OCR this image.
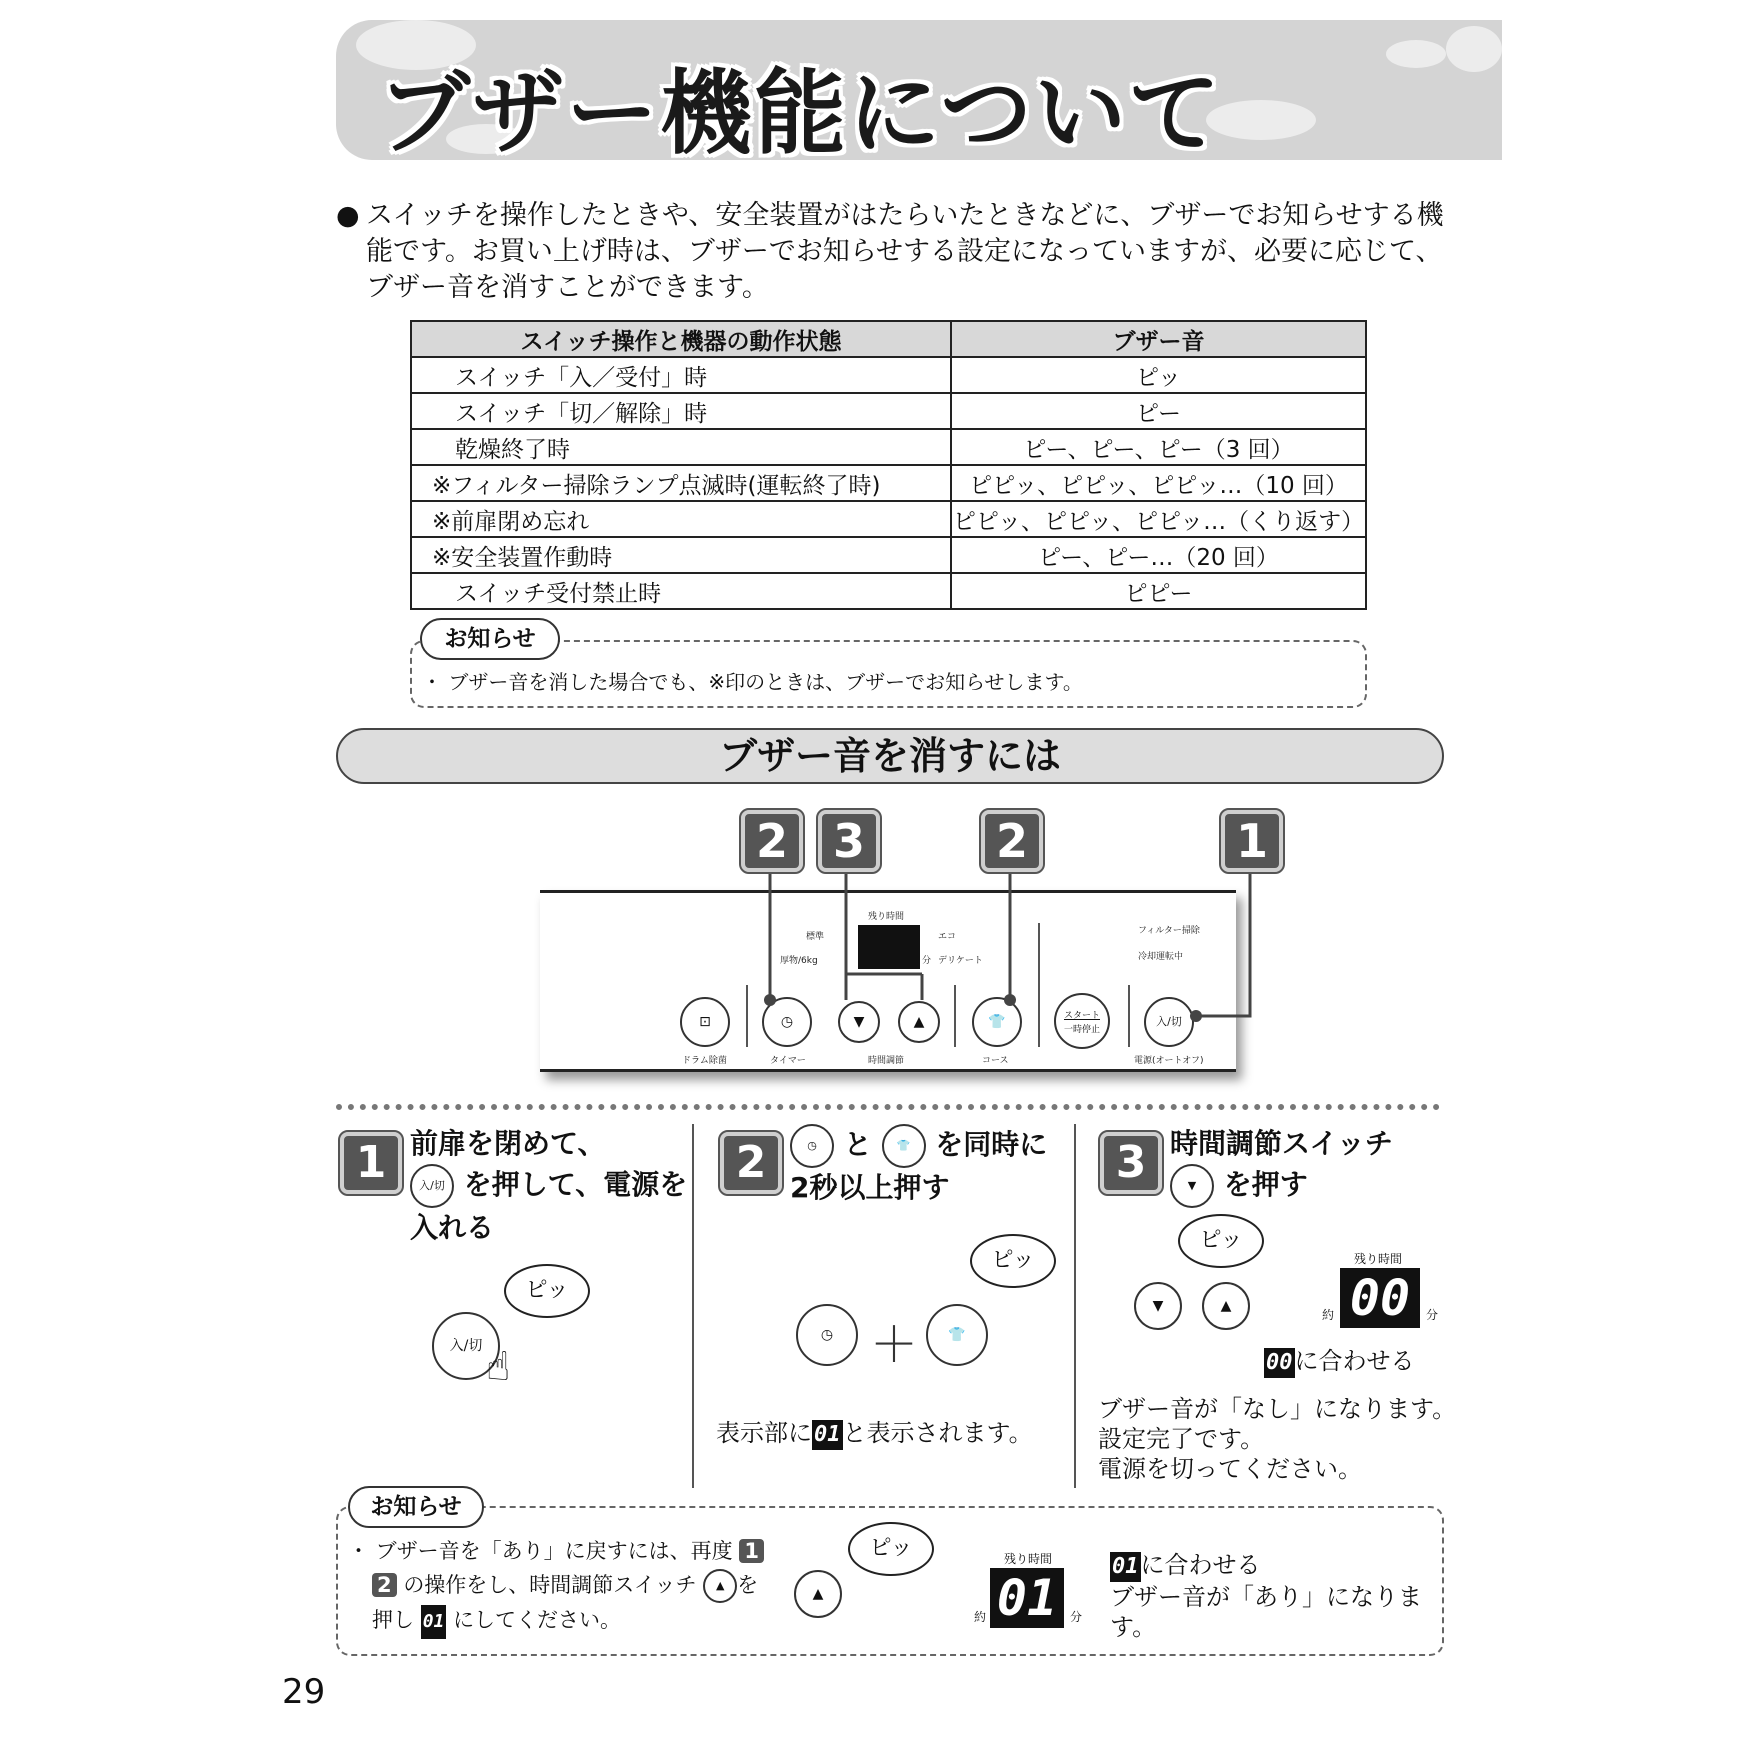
ブザー機能について
● スイッチを操作したときや、安全装置がはたらいたときなどに、ブザーでお知らせする機能です。お買い上げ時は、ブザーでお知らせする設定になっていますが、必要に応じて、ブザー音を消すことができます。

スイッチ操作と機器の動作状態	ブザー音
　スイッチ「入／受付」時	ピッ
　スイッチ「切／解除」時	ピー
　乾燥終了時	ピー、ピー、ピー（3 回）
※フィルター掃除ランプ点滅時(運転終了時)	ピピッ、ピピッ、ピピッ…（10 回）
※前扉閉め忘れ	ピピッ、ピピッ、ピピッ…（くり返す）
※安全装置作動時	ピー、ピー…（20 回）
　スイッチ受付禁止時	ピピー
・ ブザー音を消した場合でも、※印のときは、ブザーでお知らせします。
お知らせ
ブザー音を消すには
残り時間
標準
厚物/6kg
エコ
デリケート
分
フィルター掃除
冷却運転中
⊡	◷	▼	▲	👕	スタート
一時停止
入/切
ドラム除菌	タイマー	時間調節	コース	電源(オートオフ)
2 3	2	1
1 前扉を閉めて、
入/切 を押して、電源を
入れる
ピッ
入/切 ☝
2	◷ と 👕 を同時に
2秒以上押す
ピッ
◷ ＋	👕
表示部に01と表示されます。
3 時間調節スイッチ
▼ を押す
ピッ
▼	▲
残り時間
約 00	分
00に合わせる
ブザー音が「なし」になります。
設定完了です。
電源を切ってください。
・ ブザー音を「あり」に戻すには、再度 1
2 の操作をし、時間調節スイッチ ▲ を
押し 01 にしてください。
ピッ
▲
残り時間
約 01	分
01に合わせる
ブザー音が「あり」になります。
お知らせ
29
